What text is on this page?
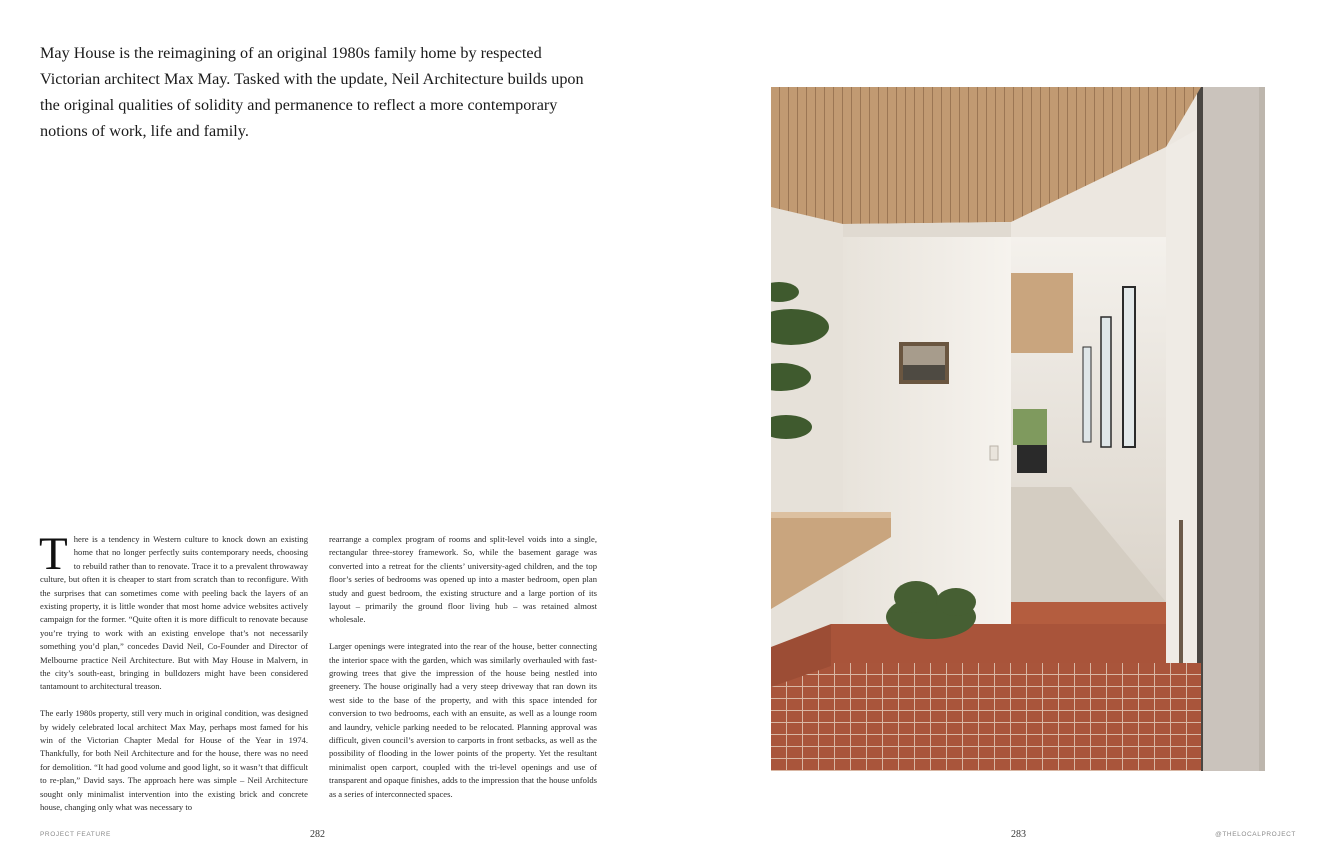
May House is the reimagining of an original 1980s family home by respected Victorian architect Max May. Tasked with the update, Neil Architecture builds upon the original qualities of solidity and permanence to reflect a more contemporary notions of work, life and family.

There is a tendency in Western culture to knock down an existing home that no longer perfectly suits contemporary needs, choosing to rebuild rather than to renovate. Trace it to a prevalent throwaway culture, but often it is cheaper to start from scratch than to reconfigure. With the surprises that can sometimes come with peeling back the layers of an existing property, it is little wonder that most home advice websites actively campaign for the former. “Quite often it is more difficult to renovate because you’re trying to work with an existing envelope that’s not necessarily something you’d plan,” concedes David Neil, Co-Founder and Director of Melbourne practice Neil Architecture. But with May House in Malvern, in the city’s south-east, bringing in bulldozers might have been considered tantamount to architectural treason.

The early 1980s property, still very much in original condition, was designed by widely celebrated local architect Max May, perhaps most famed for his win of the Victorian Chapter Medal for House of the Year in 1974. Thankfully, for both Neil Architecture and for the house, there was no need for demolition. “It had good volume and good light, so it wasn’t that difficult to re-plan,” David says. The approach here was simple – Neil Architecture sought only minimalist intervention into the existing brick and concrete house, changing only what was necessary to

rearrange a complex program of rooms and split-level voids into a single, rectangular three-storey framework. So, while the basement garage was converted into a retreat for the clients’ university-aged children, and the top floor’s series of bedrooms was opened up into a master bedroom, open plan study and guest bedroom, the existing structure and a large portion of its layout – primarily the ground floor living hub – was retained almost wholesale.

Larger openings were integrated into the rear of the house, better connecting the interior space with the garden, which was similarly overhauled with fast-growing trees that give the impression of the house being nestled into greenery. The house originally had a very steep driveway that ran down its west side to the base of the property, and with this space intended for conversion to two bedrooms, each with an ensuite, as well as a lounge room and laundry, vehicle parking needed to be relocated. Planning approval was difficult, given council’s aversion to carports in front setbacks, as well as the possibility of flooding in the lower points of the property. Yet the resultant minimalist open carport, coupled with the tri-level openings and use of transparent and opaque finishes, adds to the impression that the house unfolds as a series of interconnected spaces.

PROJECT FEATURE	282	283	@THELOCALPROJECT
